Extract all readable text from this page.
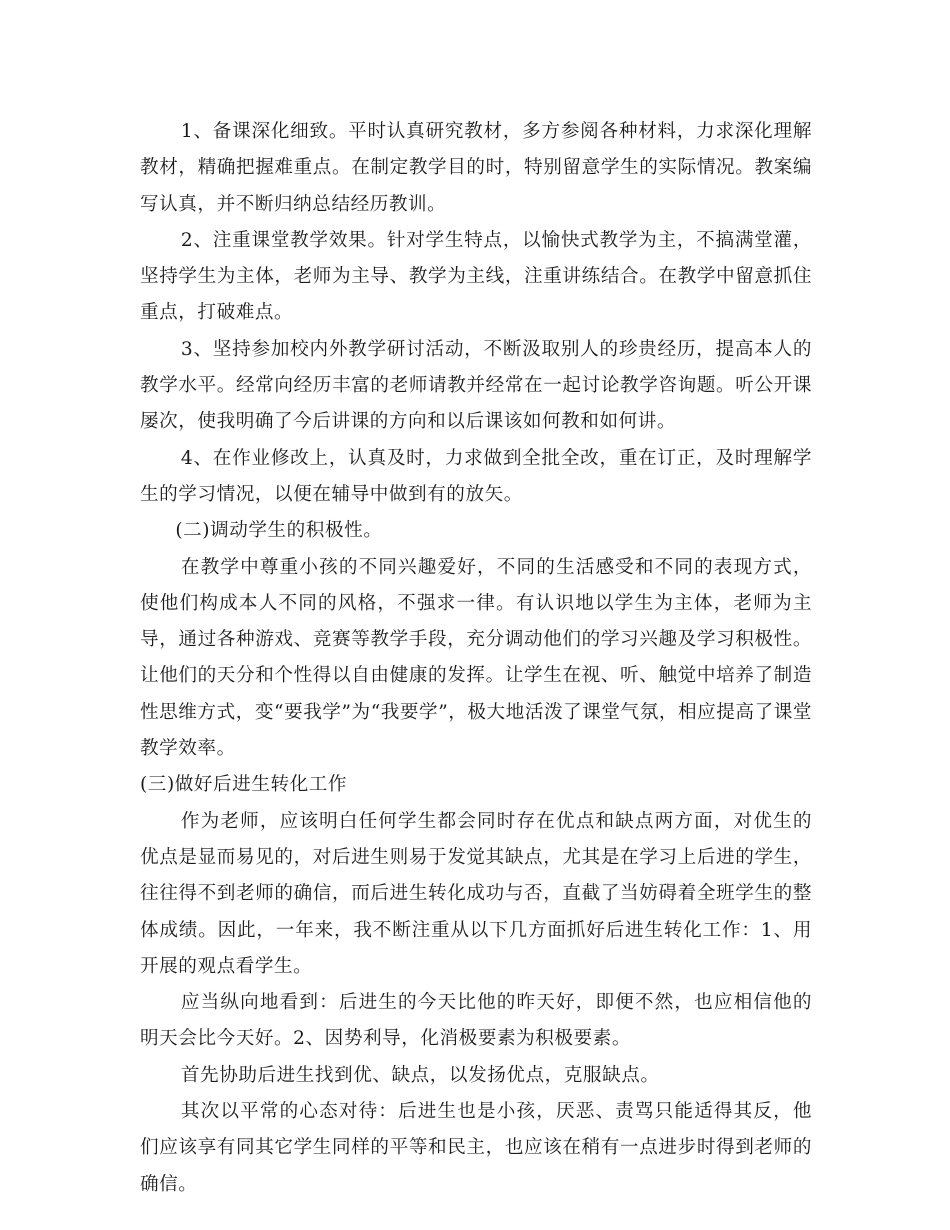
1、备课深化细致。平时认真研究教材，多方参阅各种材料，力求深化理解教材，精确把握难重点。在制定教学目的时，特别留意学生的实际情况。教案编写认真，并不断归纳总结经历教训。

2、注重课堂教学效果。针对学生特点，以愉快式教学为主，不搞满堂灌，坚持学生为主体，老师为主导、教学为主线，注重讲练结合。在教学中留意抓住重点，打破难点。

3、坚持参加校内外教学研讨活动，不断汲取别人的珍贵经历，提高本人的教学水平。经常向经历丰富的老师请教并经常在一起讨论教学咨询题。听公开课屡次，使我明确了今后讲课的方向和以后课该如何教和如何讲。

4、在作业修改上，认真及时，力求做到全批全改，重在订正，及时理解学生的学习情况，以便在辅导中做到有的放矢。

(二)调动学生的积极性。

在教学中尊重小孩的不同兴趣爱好，不同的生活感受和不同的表现方式，使他们构成本人不同的风格，不强求一律。有认识地以学生为主体，老师为主导，通过各种游戏、竞赛等教学手段，充分调动他们的学习兴趣及学习积极性。让他们的天分和个性得以自由健康的发挥。让学生在视、听、触觉中培养了制造性思维方式，变“要我学”为“我要学”，极大地活泼了课堂气氛，相应提高了课堂教学效率。

(三)做好后进生转化工作

作为老师，应该明白任何学生都会同时存在优点和缺点两方面，对优生的优点是显而易见的，对后进生则易于发觉其缺点，尤其是在学习上后进的学生，往往得不到老师的确信，而后进生转化成功与否，直截了当妨碍着全班学生的整体成绩。因此，一年来，我不断注重从以下几方面抓好后进生转化工作：1、用开展的观点看学生。

应当纵向地看到：后进生的今天比他的昨天好，即便不然，也应相信他的明天会比今天好。2、因势利导，化消极要素为积极要素。

首先协助后进生找到优、缺点，以发扬优点，克服缺点。

其次以平常的心态对待：后进生也是小孩，厌恶、责骂只能适得其反，他们应该享有同其它学生同样的平等和民主，也应该在稍有一点进步时得到老师的确信。
